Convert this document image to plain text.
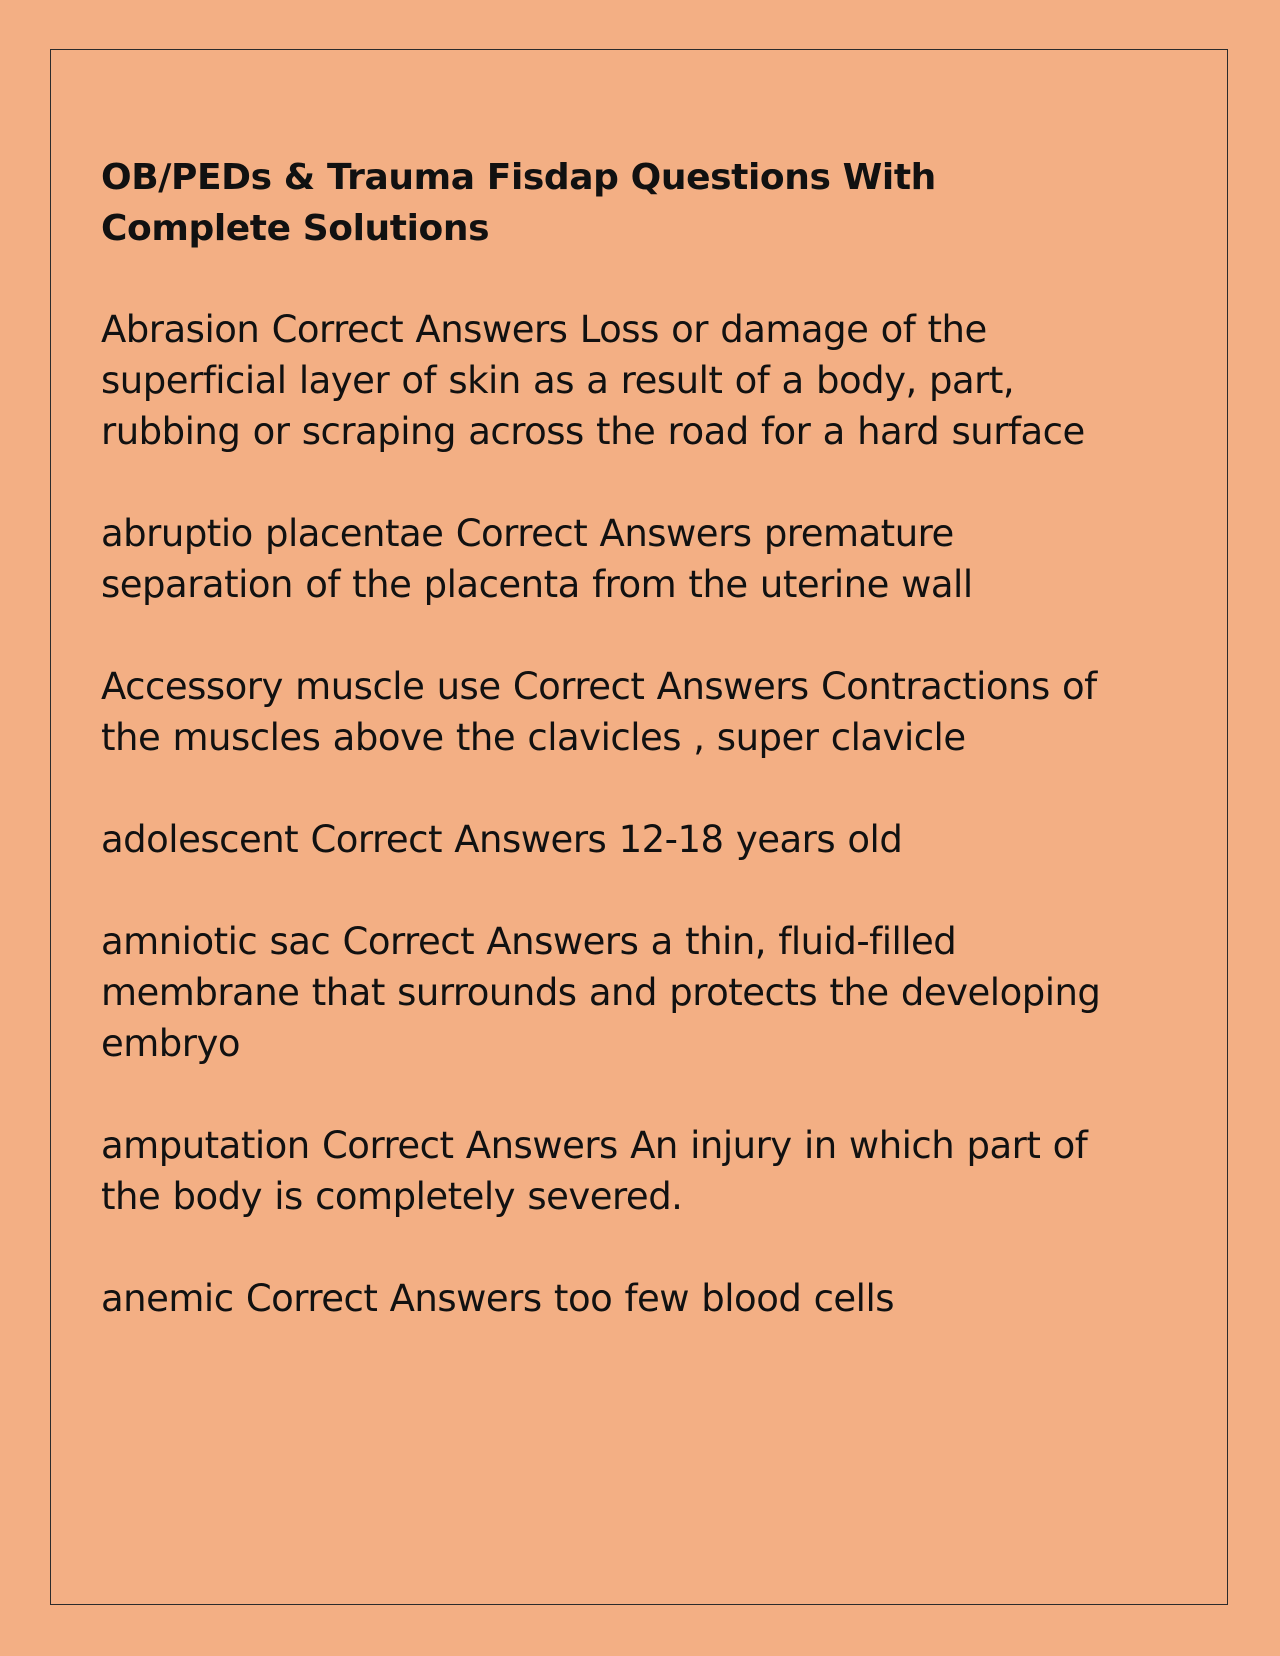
OB/PEDs & Trauma Fisdap Questions With Complete Solutions

Abrasion Correct Answers Loss or damage of the superficial layer of skin as a result of a body, part, rubbing or scraping across the road for a hard surface

abruptio placentae Correct Answers premature separation of the placenta from the uterine wall

Accessory muscle use Correct Answers Contractions of the muscles above the clavicles , super clavicle

adolescent Correct Answers 12-18 years old

amniotic sac Correct Answers a thin, fluid-filled membrane that surrounds and protects the developing embryo

amputation Correct Answers An injury in which part of the body is completely severed.

anemic Correct Answers too few blood cells
